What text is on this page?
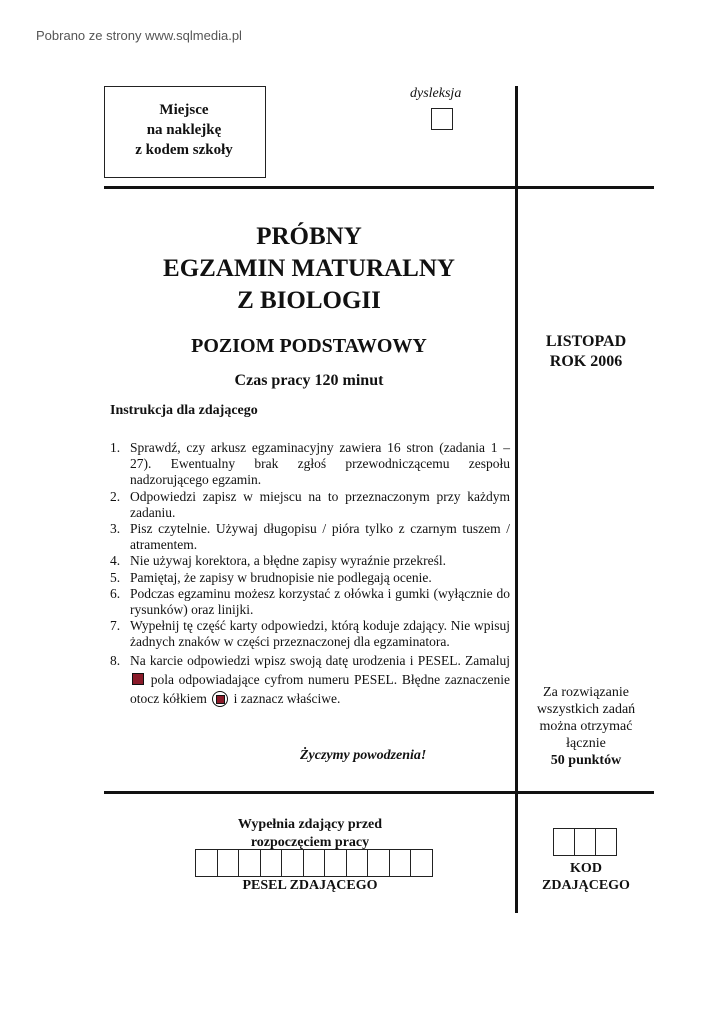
Pobrano ze strony www.sqlmedia.pl
Miejsce
na naklejkę
z kodem szkoły
dysleksja
PRÓBNY
EGZAMIN MATURALNY
Z BIOLOGII
POZIOM PODSTAWOWY
Czas pracy 120 minut
LISTOPAD
ROK 2006
Instrukcja dla zdającego
1. Sprawdź, czy arkusz egzaminacyjny zawiera 16 stron (zadania 1 – 27). Ewentualny brak zgłoś przewodniczącemu zespołu nadzorującego egzamin.
2. Odpowiedzi zapisz w miejscu na to przeznaczonym przy każdym zadaniu.
3. Pisz czytelnie. Używaj długopisu / pióra tylko z czarnym tuszem / atramentem.
4. Nie używaj korektora, a błędne zapisy wyraźnie przekreśl.
5. Pamiętaj, że zapisy w brudnopisie nie podlegają ocenie.
6. Podczas egzaminu możesz korzystać z ołówka i gumki (wyłącznie do rysunków) oraz linijki.
7. Wypełnij tę część karty odpowiedzi, którą koduje zdający. Nie wpisuj żadnych znaków w części przeznaczonej dla egzaminatora.
8. Na karcie odpowiedzi wpisz swoją datę urodzenia i PESEL. Zamaluj  pola odpowiadające cyfrom numeru PESEL. Błędne zaznaczenie otocz kółkiem i zaznacz właściwe.
Życzymy powodzenia!
Za rozwiązanie
wszystkich zadań
można otrzymać
łącznie
50 punktów
Wypełnia zdający przed
rozpoczęciem pracy
PESEL ZDAJĄCEGO
KOD
ZDAJĄCEGO
